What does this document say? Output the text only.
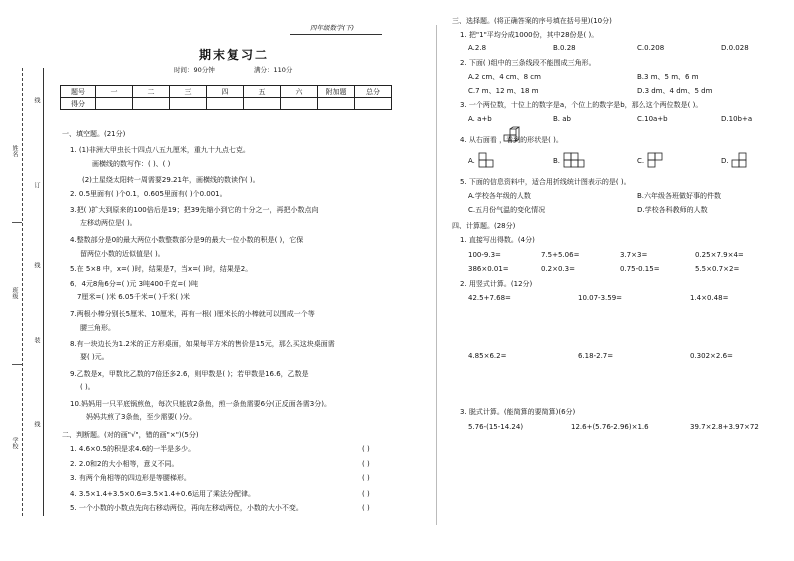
姓名
班级
学校
线
订
线
装
线
四年级数学(下)
期末复习二
时间：90分钟	满分：110分
题号	一	二	三	四	五	六	附加题	总分
得分								
一、填空题。(21分)
1. (1)非洲大甲虫长十四点八五九厘米，重九十九点七克。
画横线的数写作：( )、( )
(2)土星绕太阳转一周需要29.21年，画横线的数读作( )。
2. 0.5里面有( )个0.1，0.605里面有( )个0.001。
3.把( )扩大到原来的100倍后是19；把39先缩小到它的十分之一，再把小数点向
左移动两位是( )。
4.整数部分是0的最大两位小数整数部分是9的最大一位小数的积是( )，它保
留两位小数的近似值是( )。
5.在 5×8 中，x=( )时，结果是7，当x=( )时，结果是2。
6．4元8角6分=( )元 3吨400千克=( )吨
7厘米=( )米 6.05千米=( )千米( )米
7.两根小棒分别长5厘米、10厘米，再有一根( )厘米长的小棒就可以围成一个等
腰三角形。
8.有一块边长为1.2米的正方形桌面，如果每平方米的售价是15元，那么买这块桌面需
要( )元。
9.乙数是x，甲数比乙数的7倍还多2.6，则甲数是( )；若甲数是16.6，乙数是
( )。
10.妈妈用一只平底锅煎鱼，每次只能放2条鱼，煎一条鱼需要6分(正反面各需3分)。
妈妈共煎了3条鱼，至少需要( )分。
二、判断题。(对的画"√"，错的画"×")(5分)
1. 4.6×0.5的积是求4.6的一半是多少。	( )
2. 2.0和2的大小相等，意义不同。	( )
3. 有两个角相等的四边形是等腰梯形。	( )
4. 3.5×1.4+3.5×0.6=3.5×1.4+0.6运用了乘法分配律。	( )
5. 一个小数的小数点先向右移动两位，再向左移动两位，小数的大小不变。	( )
三、选择题。(将正确答案的序号填在括号里)(10分)
1. 把"1"平均分成1000份，其中28份是( )。
A.2.8	B.0.28	C.0.208	D.0.028
2. 下面( )组中的三条线段不能围成三角形。
A.2 cm、4 cm、8 cm	B.3 m、5 m、6 m
C.7 m、12 m、18 m	D.3 dm、4 dm、5 dm
3. 一个两位数，十位上的数字是a，个位上的数字是b，那么这个两位数是( )。
A. a+b	B. ab	C.10a+b	D.10b+a
4. 从右面看 ，看到的形状是( )。
A.	B.	C.	D.
5. 下面的信息资料中，适合用折线统计图表示的是( )。
A.学校各年级的人数	B.六年级各班做好事的件数
C.五月份气温的变化情况	D.学校各科教师的人数
四、计算题。(28分)
1. 直接写出得数。(4分)
100-9.3=	7.5+5.06=	3.7×3=	0.25×7.9×4=
386×0.01=	0.2×0.3=	0.75-0.15=	5.5×0.7×2=
2. 用竖式计算。(12分)
42.5+7.68=	10.07-3.59=	1.4×0.48=
4.85×6.2=	6.18-2.7=	0.302×2.6=
3. 脱式计算。(能简算的要简算)(6分)
5.76-(15-14.24)	12.6+(5.76-2.96)×1.6	39.7×2.8+3.97×72
